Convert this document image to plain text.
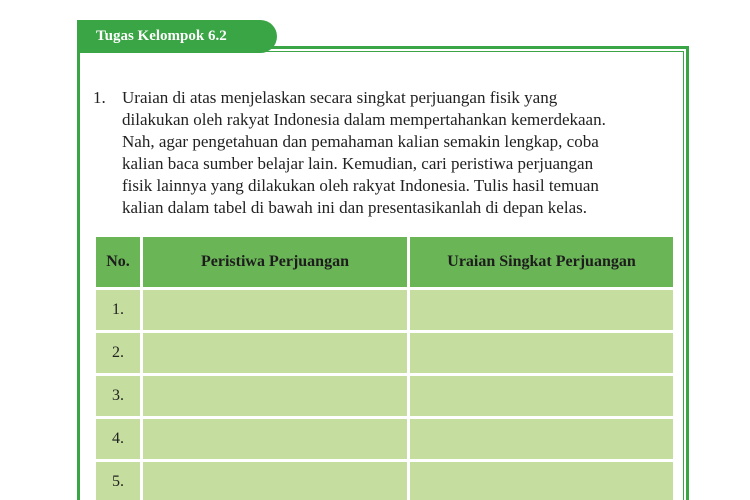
Tugas Kelompok 6.2
1. Uraian di atas menjelaskan secara singkat perjuangan fisik yang
dilakukan oleh rakyat Indonesia dalam mempertahankan kemerdekaan.
Nah, agar pengetahuan dan pemahaman kalian semakin lengkap, coba
kalian baca sumber belajar lain. Kemudian, cari peristiwa perjuangan
fisik lainnya yang dilakukan oleh rakyat Indonesia. Tulis hasil temuan
kalian dalam tabel di bawah ini dan presentasikanlah di depan kelas.
No.	Peristiwa Perjuangan	Uraian Singkat Perjuangan
1.
2.
3.
4.
5.
